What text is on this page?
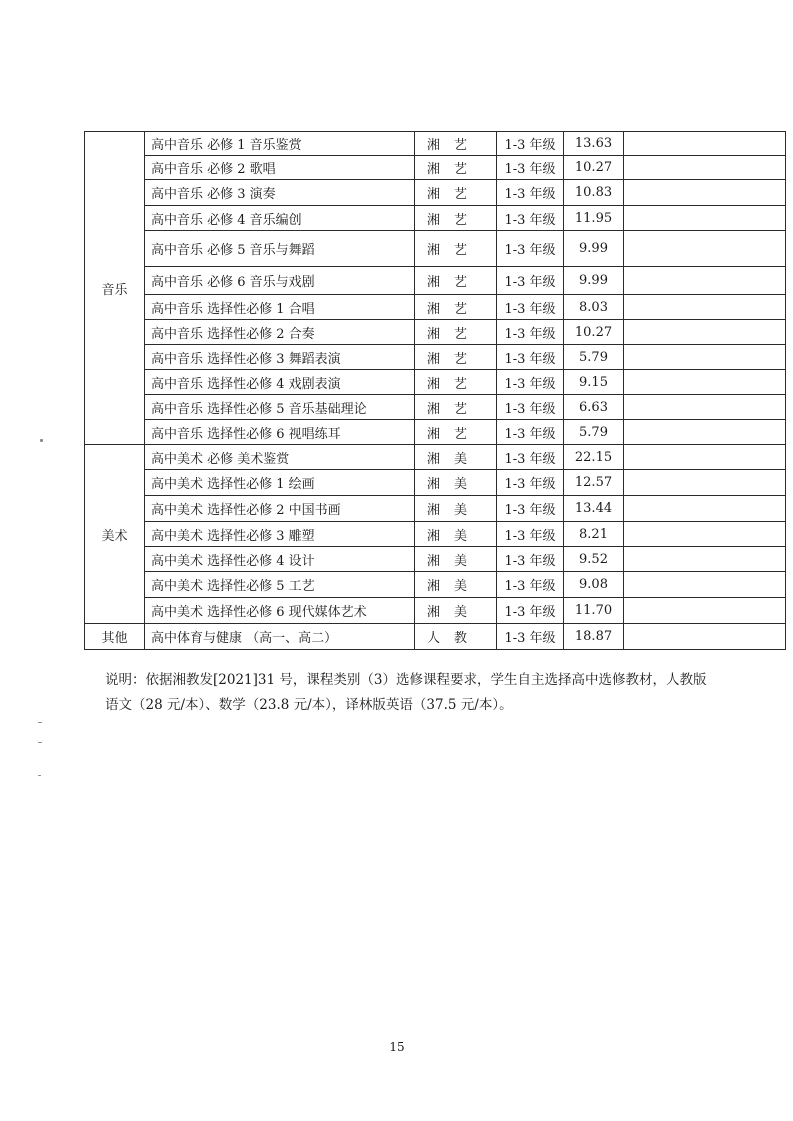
音乐	高中音乐 必修 1 音乐鉴赏	湘艺	1-3 年级	13.63	
	高中音乐 必修 2 歌唱	湘艺	1-3 年级	10.27	
	高中音乐 必修 3 演奏	湘艺	1-3 年级	10.83	
	高中音乐 必修 4 音乐编创	湘艺	1-3 年级	11.95	
	高中音乐 必修 5 音乐与舞蹈	湘艺	1-3 年级	9.99	
	高中音乐 必修 6 音乐与戏剧	湘艺	1-3 年级	9.99	
	高中音乐 选择性必修 1 合唱	湘艺	1-3 年级	8.03	
	高中音乐 选择性必修 2 合奏	湘艺	1-3 年级	10.27	
	高中音乐 选择性必修 3 舞蹈表演	湘艺	1-3 年级	5.79	
	高中音乐 选择性必修 4 戏剧表演	湘艺	1-3 年级	9.15	
	高中音乐 选择性必修 5 音乐基础理论	湘艺	1-3 年级	6.63	
	高中音乐 选择性必修 6 视唱练耳	湘艺	1-3 年级	5.79	
美术	高中美术 必修 美术鉴赏	湘美	1-3 年级	22.15	
	高中美术 选择性必修 1 绘画	湘美	1-3 年级	12.57	
	高中美术 选择性必修 2 中国书画	湘美	1-3 年级	13.44	
	高中美术 选择性必修 3 雕塑	湘美	1-3 年级	8.21	
	高中美术 选择性必修 4 设计	湘美	1-3 年级	9.52	
	高中美术 选择性必修 5 工艺	湘美	1-3 年级	9.08	
	高中美术 选择性必修 6 现代媒体艺术	湘美	1-3 年级	11.70	
其他	高中体育与健康 （高一、高二）	人教	1-3 年级	18.87	

说明：依据湘教发[2021]31 号，课程类别（3）选修课程要求，学生自主选择高中选修教材，人教版
语文（28 元/本）、数学（23.8 元/本），译林版英语（37.5 元/本）。

15
